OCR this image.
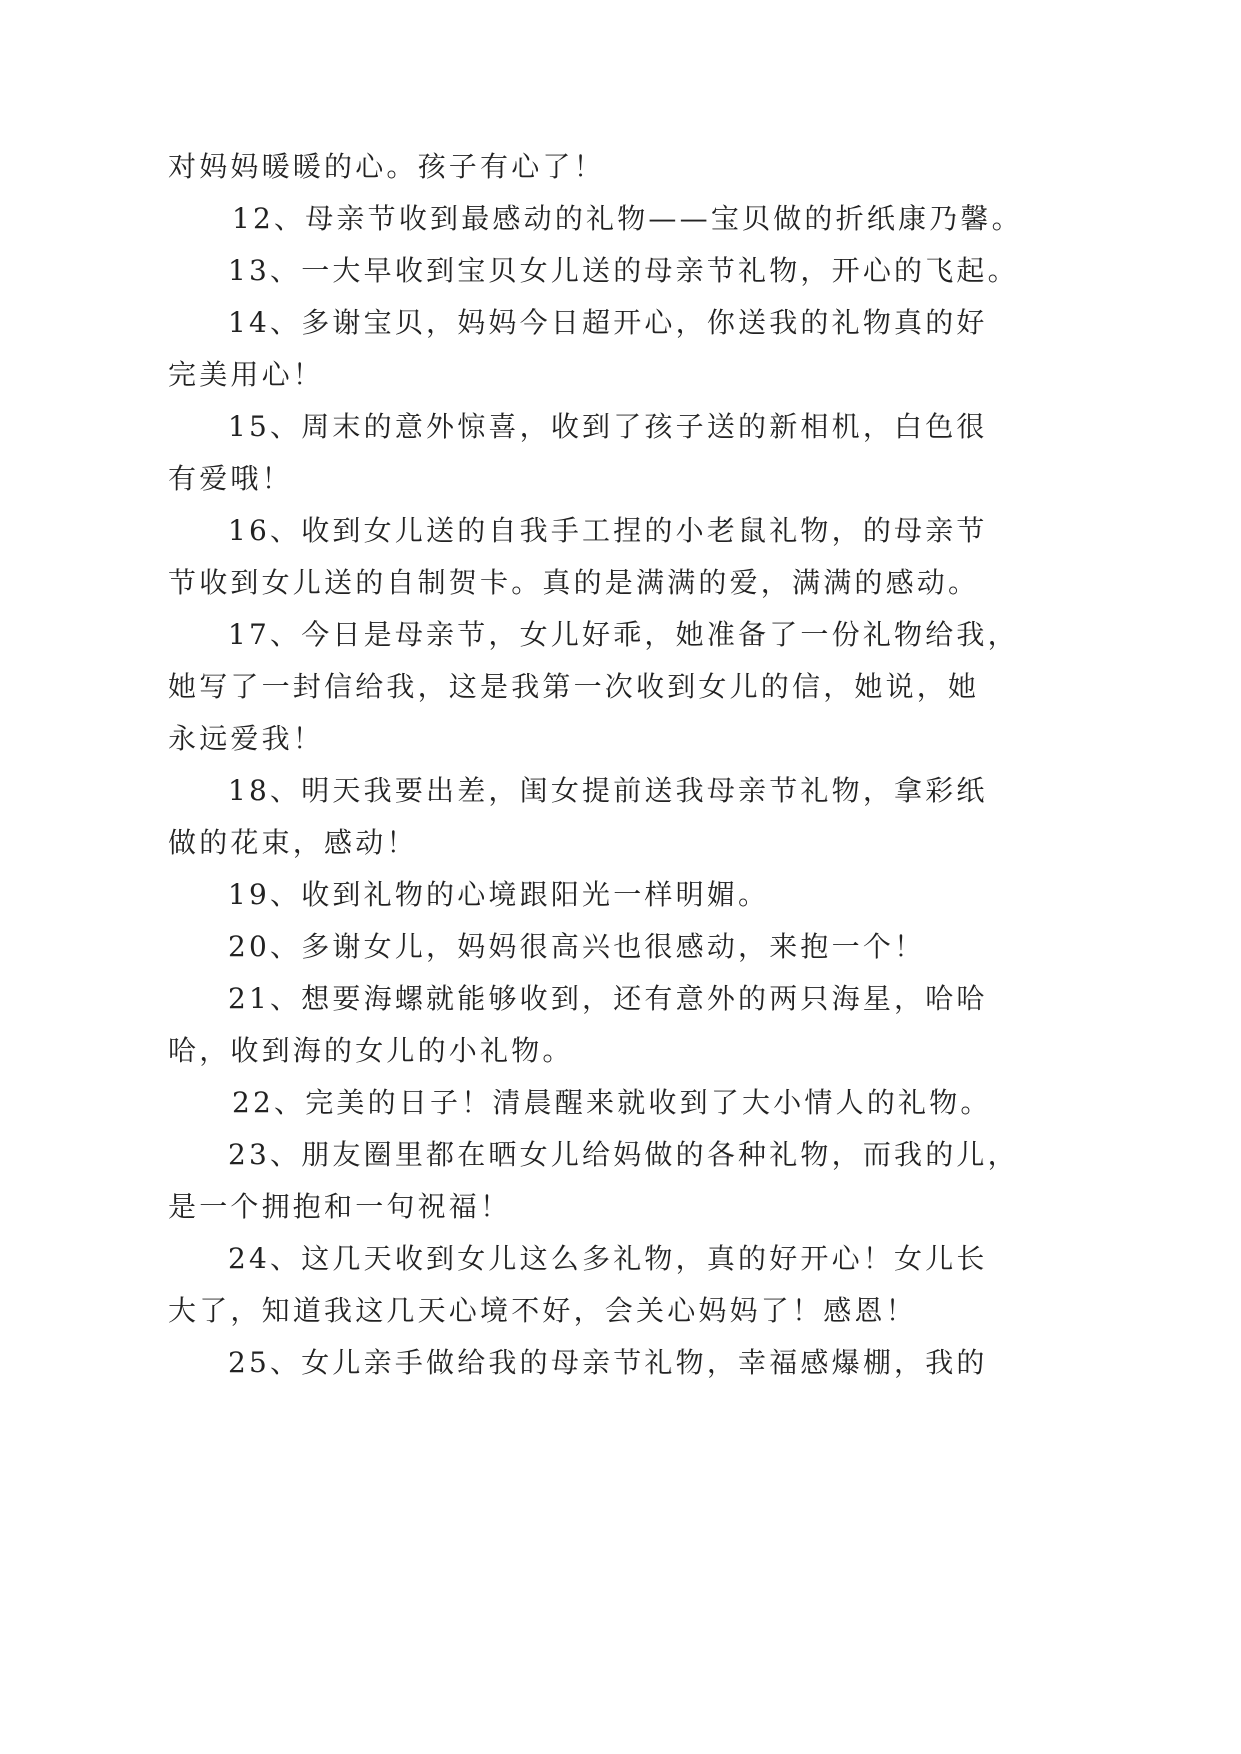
对妈妈暖暖的心。孩子有心了！
12、母亲节收到最感动的礼物——宝贝做的折纸康乃馨。
13、一大早收到宝贝女儿送的母亲节礼物，开心的飞起。
14、多谢宝贝，妈妈今日超开心，你送我的礼物真的好
完美用心！
15、周末的意外惊喜，收到了孩子送的新相机，白色很
有爱哦！
16、收到女儿送的自我手工捏的小老鼠礼物，的母亲节
节收到女儿送的自制贺卡。真的是满满的爱，满满的感动。
17、今日是母亲节，女儿好乖，她准备了一份礼物给我，
她写了一封信给我，这是我第一次收到女儿的信，她说，她
永远爱我！
18、明天我要出差，闺女提前送我母亲节礼物，拿彩纸
做的花束，感动！
19、收到礼物的心境跟阳光一样明媚。
20、多谢女儿，妈妈很高兴也很感动，来抱一个！
21、想要海螺就能够收到，还有意外的两只海星，哈哈
哈，收到海的女儿的小礼物。
22、完美的日子！清晨醒来就收到了大小情人的礼物。
23、朋友圈里都在晒女儿给妈做的各种礼物，而我的儿，
是一个拥抱和一句祝福！
24、这几天收到女儿这么多礼物，真的好开心！女儿长
大了，知道我这几天心境不好，会关心妈妈了！感恩！
25、女儿亲手做给我的母亲节礼物，幸福感爆棚，我的
